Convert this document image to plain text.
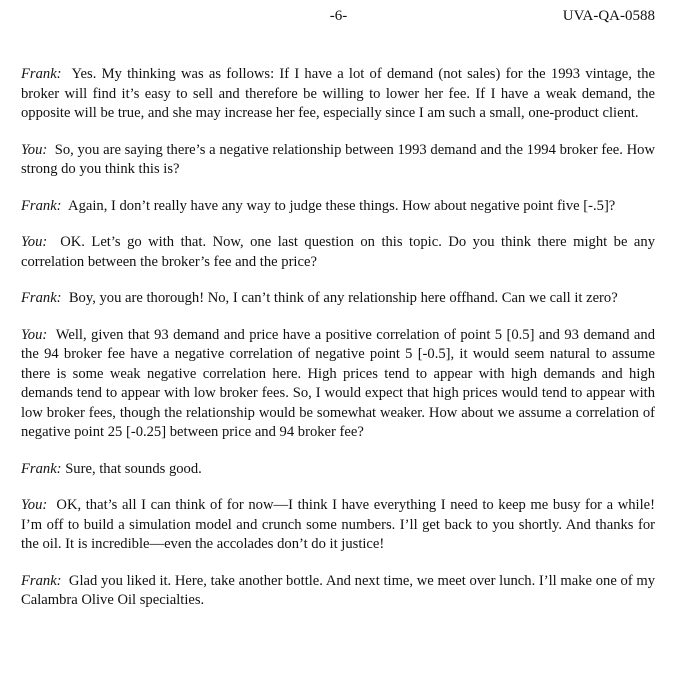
-6-	UVA-QA-0588

Frank: Yes. My thinking was as follows: If I have a lot of demand (not sales) for the 1993 vintage, the broker will find it’s easy to sell and therefore be willing to lower her fee. If I have a weak demand, the opposite will be true, and she may increase her fee, especially since I am such a small, one-product client.

You: So, you are saying there’s a negative relationship between 1993 demand and the 1994 broker fee. How strong do you think this is?

Frank: Again, I don’t really have any way to judge these things. How about negative point five [-.5]?

You: OK. Let’s go with that. Now, one last question on this topic. Do you think there might be any correlation between the broker’s fee and the price?

Frank: Boy, you are thorough! No, I can’t think of any relationship here offhand. Can we call it zero?

You: Well, given that 93 demand and price have a positive correlation of point 5 [0.5] and 93 demand and the 94 broker fee have a negative correlation of negative point 5 [-0.5], it would seem natural to assume there is some weak negative correlation here. High prices tend to appear with high demands and high demands tend to appear with low broker fees. So, I would expect that high prices would tend to appear with low broker fees, though the relationship would be somewhat weaker. How about we assume a correlation of negative point 25 [-0.25] between price and 94 broker fee?

Frank: Sure, that sounds good.

You: OK, that’s all I can think of for now—I think I have everything I need to keep me busy for a while! I’m off to build a simulation model and crunch some numbers. I’ll get back to you shortly. And thanks for the oil. It is incredible—even the accolades don’t do it justice!

Frank: Glad you liked it. Here, take another bottle. And next time, we meet over lunch. I’ll make one of my Calambra Olive Oil specialties.
